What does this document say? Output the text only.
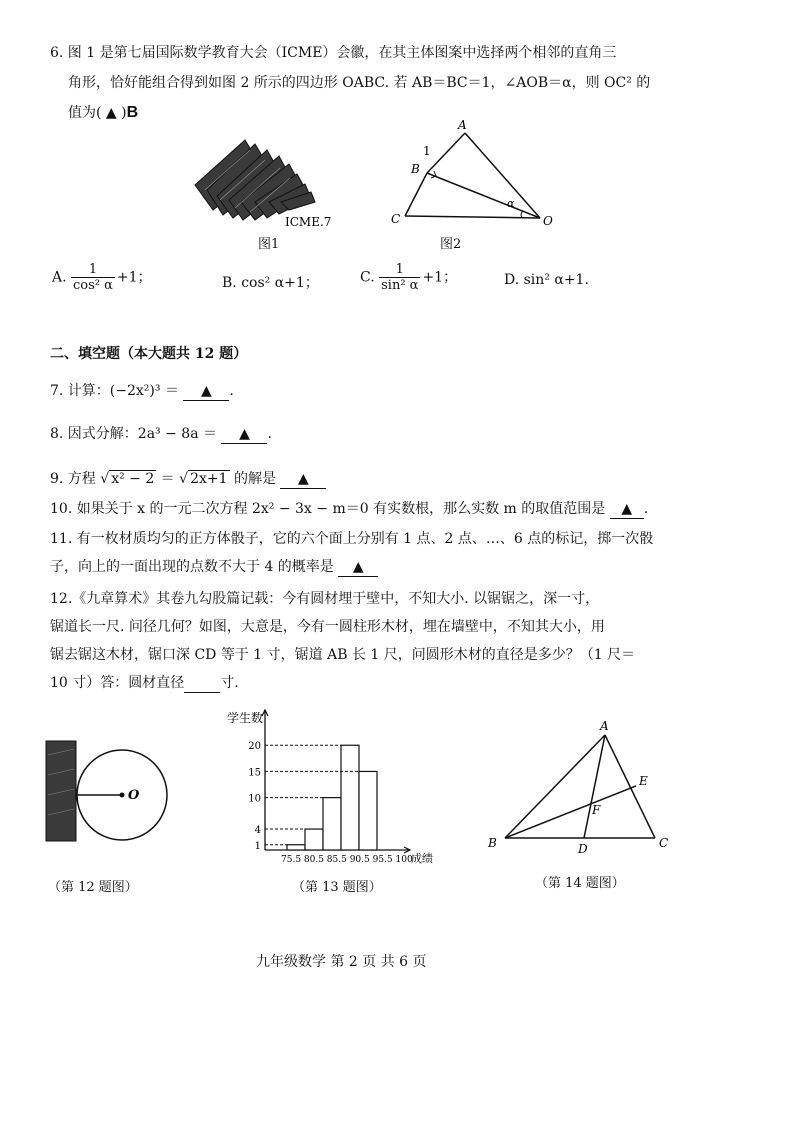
6. 图 1 是第七届国际数学教育大会（ICME）会徽，在其主体图案中选择两个相邻的直角三
角形，恰好能组合得到如图 2 所示的四边形 OABC. 若 AB＝BC＝1，∠AOB＝α，则 OC² 的
值为( ▲ )B
ICME.7
图1
A
B
C	O
α
1
图2
A. $\frac{1}{\text{cos² α}} +1$；	B. cos² α+1；	C. $\frac{1}{\text{sin² α}} +1$；	D. sin² α+1.
二、填空题（本大题共 12 题）
7. 计算：(−2x²)³ ＝ ▲ .
8. 因式分解：2a³ − 8a ＝ ▲ .
9. 方程 √ x² − 2 ＝ √ 2x+1 的解是 ▲
10. 如果关于 x 的一元二次方程 2x² − 3x − m＝0 有实数根，那么实数 m 的取值范围是 ▲ .
11. 有一枚材质均匀的正方体骰子，它的六个面上分别有 1 点、2 点、…、6 点的标记，掷一次骰
子，向上的一面出现的点数不大于 4 的概率是 ▲
12.《九章算术》其卷九勾股篇记载：今有圆材埋于壁中，不知大小. 以锯锯之，深一寸，
锯道长一尺. 问径几何？如图，大意是，今有一圆柱形木材，埋在墙壁中，不知其大小，用
锯去锯这木材，锯口深 CD 等于 1 寸，锯道 AB 长 1 尺，问圆形木材的直径是多少？（1 尺＝
10 寸）答：圆材直径	寸.
O
（第 12 题图）
学生数
20
15
10
4
1
75.5 80.5 85.5 90.5 95.5 100
成绩
（第 13 题图）
A
B	C
D
E
F
（第 14 题图）
九年级数学 第 2 页 共 6 页
